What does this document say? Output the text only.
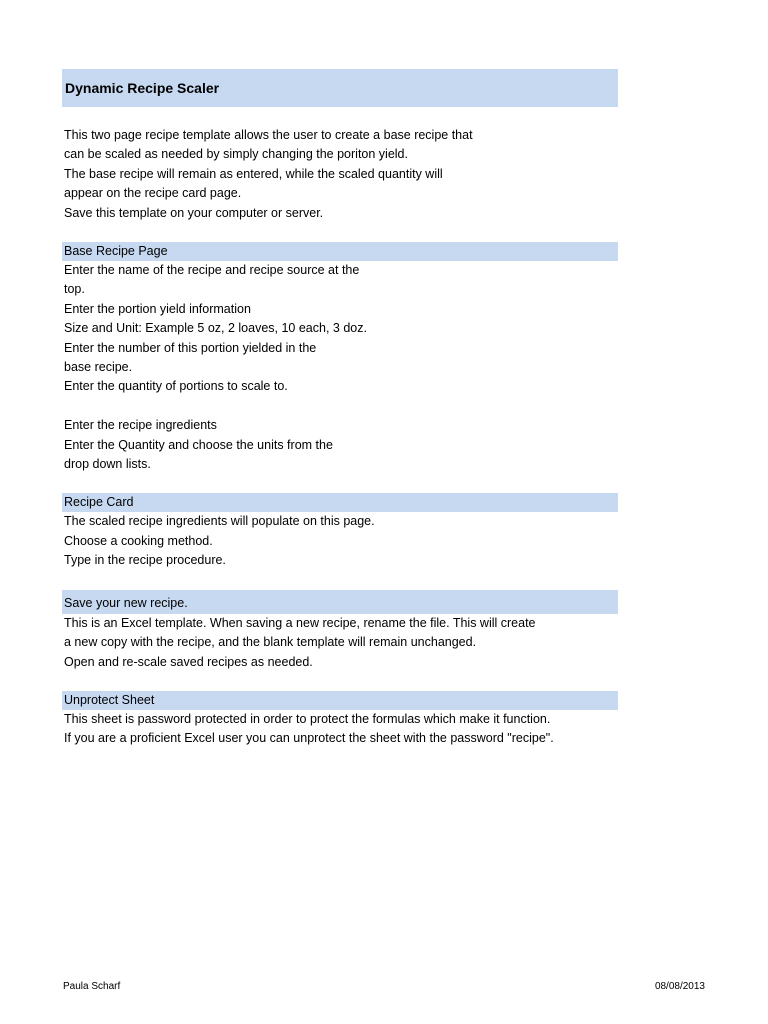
Dynamic Recipe Scaler
This two page recipe template allows the user to create a base recipe that
can be scaled as needed by simply changing the poriton yield.
The base recipe will remain as entered, while the scaled quantity will
appear on the recipe card page.
Save this template on your computer or server.
Base Recipe Page
Enter the name of the recipe and recipe source at the
top.
Enter the portion yield information
Size and Unit: Example 5 oz, 2 loaves, 10 each, 3 doz.
Enter the number of this portion yielded in the
base recipe.
Enter the quantity of portions to scale to.
Enter the recipe ingredients
Enter the Quantity and choose the units from the
drop down lists.
Recipe Card
The scaled recipe ingredients will populate on this page.
Choose a cooking method.
Type in the recipe procedure.
Save your new recipe.
This is an Excel template. When saving a new recipe, rename the file. This will create
a new copy with the recipe, and the blank template will remain unchanged.
Open and re-scale saved recipes as needed.
Unprotect Sheet
This sheet is password protected in order to protect the formulas which make it function.
If you are a proficient Excel user you can unprotect the sheet with the password "recipe".
Paula Scharf	08/08/2013
